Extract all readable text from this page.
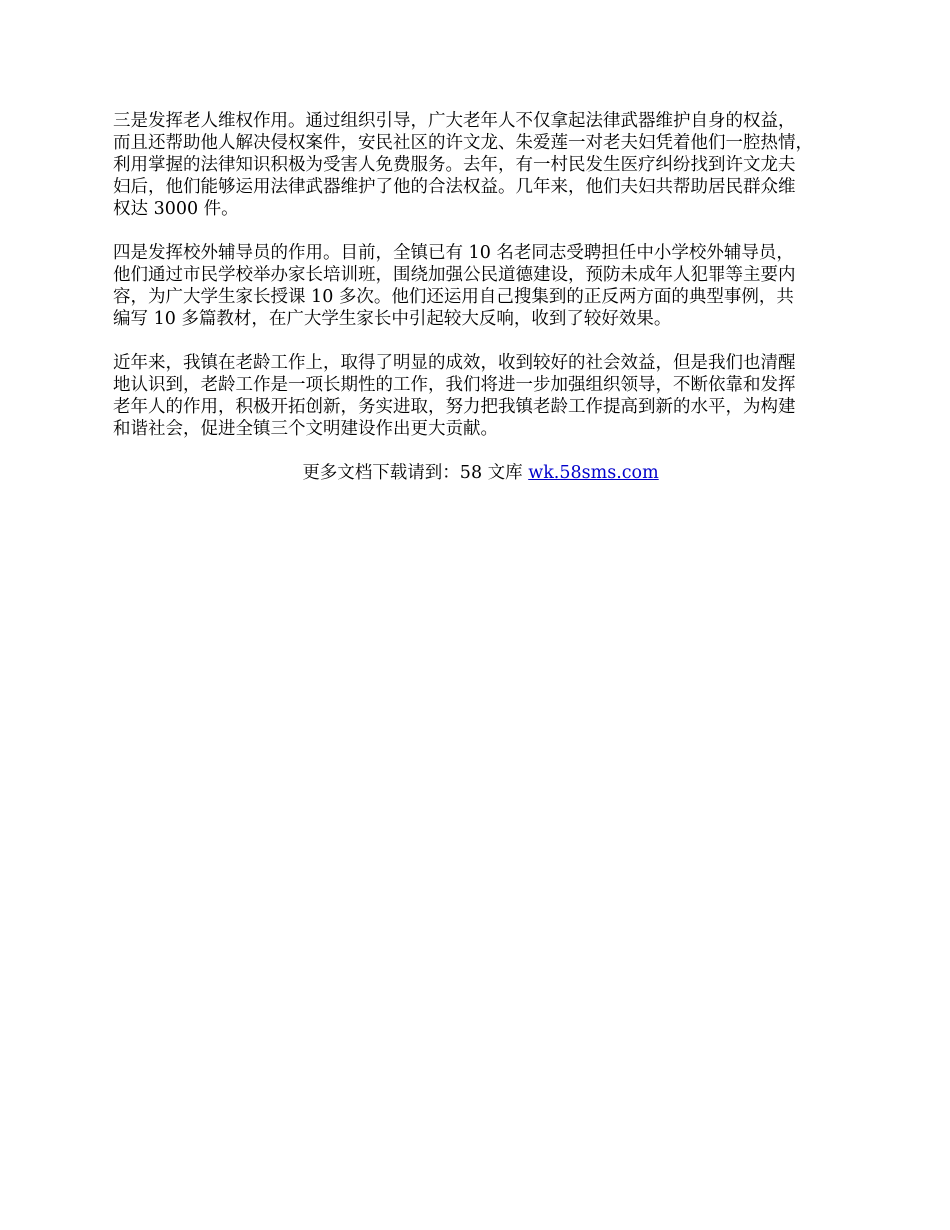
三是发挥老人维权作用。通过组织引导，广大老年人不仅拿起法律武器维护自身的权益，
而且还帮助他人解决侵权案件，安民社区的许文龙、朱爱莲一对老夫妇凭着他们一腔热情，
利用掌握的法律知识积极为受害人免费服务。去年，有一村民发生医疗纠纷找到许文龙夫
妇后，他们能够运用法律武器维护了他的合法权益。几年来，他们夫妇共帮助居民群众维
权达 3000 件。

四是发挥校外辅导员的作用。目前，全镇已有 10 名老同志受聘担任中小学校外辅导员，
他们通过市民学校举办家长培训班，围绕加强公民道德建设，预防未成年人犯罪等主要内
容，为广大学生家长授课 10 多次。他们还运用自己搜集到的正反两方面的典型事例，共
编写 10 多篇教材，在广大学生家长中引起较大反响，收到了较好效果。

近年来，我镇在老龄工作上，取得了明显的成效，收到较好的社会效益，但是我们也清醒
地认识到，老龄工作是一项长期性的工作，我们将进一步加强组织领导，不断依靠和发挥
老年人的作用，积极开拓创新，务实进取，努力把我镇老龄工作提高到新的水平，为构建
和谐社会，促进全镇三个文明建设作出更大贡献。

更多文档下载请到：58 文库 wk.58sms.com
